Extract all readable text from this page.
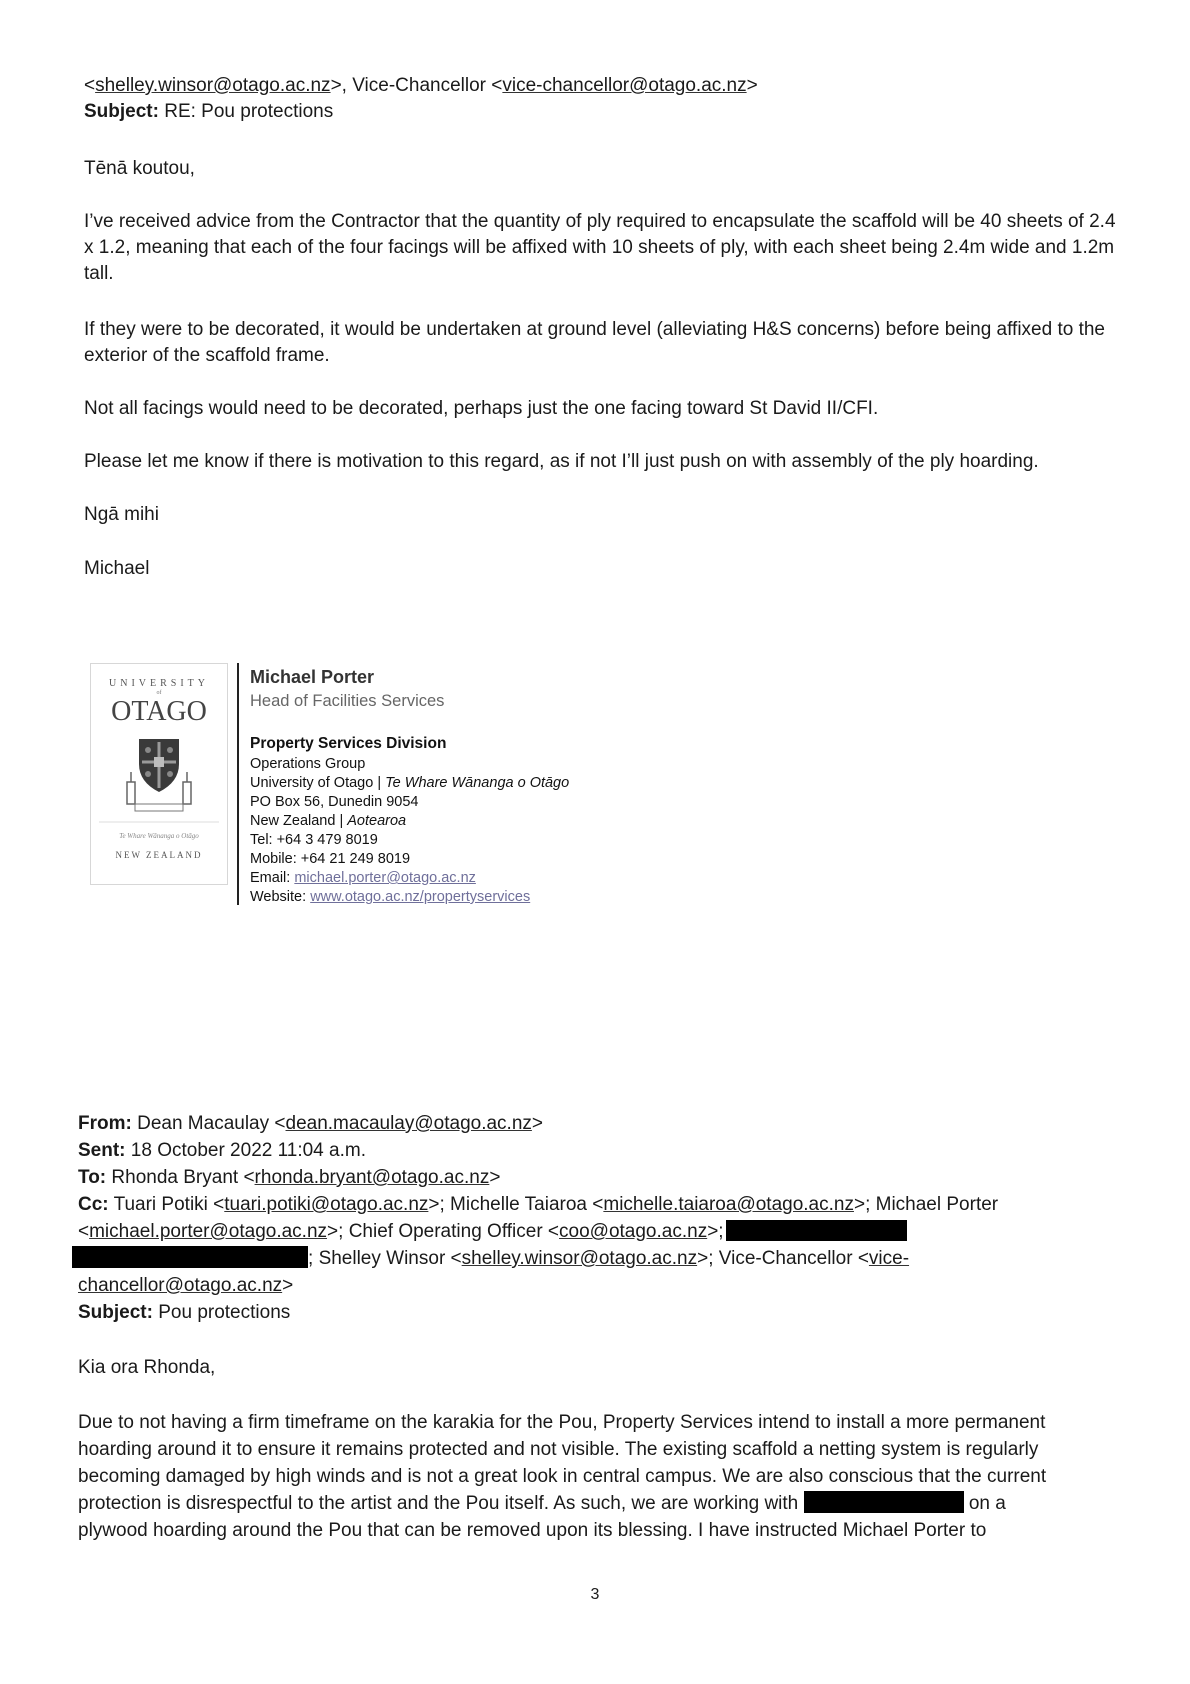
<shelley.winsor@otago.ac.nz>, Vice-Chancellor <vice-chancellor@otago.ac.nz>
Subject: RE: Pou protections
Tēnā koutou,
I’ve received advice from the Contractor that the quantity of ply required to encapsulate the scaffold will be 40 sheets of 2.4 x 1.2, meaning that each of the four facings will be affixed with 10 sheets of ply, with each sheet being 2.4m wide and 1.2m tall.
If they were to be decorated, it would be undertaken at ground level (alleviating H&S concerns) before being affixed to the exterior of the scaffold frame.
Not all facings would need to be decorated, perhaps just the one facing toward St David II/CFI.
Please let me know if there is motivation to this regard, as if not I’ll just push on with assembly of the ply hoarding.
Ngā mihi
Michael
UNIVERSITY
of
OTAGO
Te Whare Wānanga o Otāgo
NEW ZEALAND
Michael Porter
Head of Facilities Services
Property Services Division
Operations Group
University of Otago | Te Whare Wānanga o Otāgo
PO Box 56, Dunedin 9054
New Zealand | Aotearoa
Tel: +64 3 479 8019
Mobile: +64 21 249 8019
Email: michael.porter@otago.ac.nz
Website: www.otago.ac.nz/propertyservices
From: Dean Macaulay <dean.macaulay@otago.ac.nz>
Sent: 18 October 2022 11:04 a.m.
To: Rhonda Bryant <rhonda.bryant@otago.ac.nz>
Cc: Tuari Potiki <tuari.potiki@otago.ac.nz>; Michelle Taiaroa <michelle.taiaroa@otago.ac.nz>; Michael Porter
<michael.porter@otago.ac.nz>; Chief Operating Officer <coo@otago.ac.nz>;
; Shelley Winsor <shelley.winsor@otago.ac.nz>; Vice-Chancellor <vice-
chancellor@otago.ac.nz>
Subject: Pou protections
Kia ora Rhonda,
Due to not having a firm timeframe on the karakia for the Pou, Property Services intend to install a more permanent
hoarding around it to ensure it remains protected and not visible. The existing scaffold a netting system is regularly
becoming damaged by high winds and is not a great look in central campus. We are also conscious that the current
protection is disrespectful to the artist and the Pou itself. As such, we are working with	on a
plywood hoarding around the Pou that can be removed upon its blessing. I have instructed Michael Porter to
3
